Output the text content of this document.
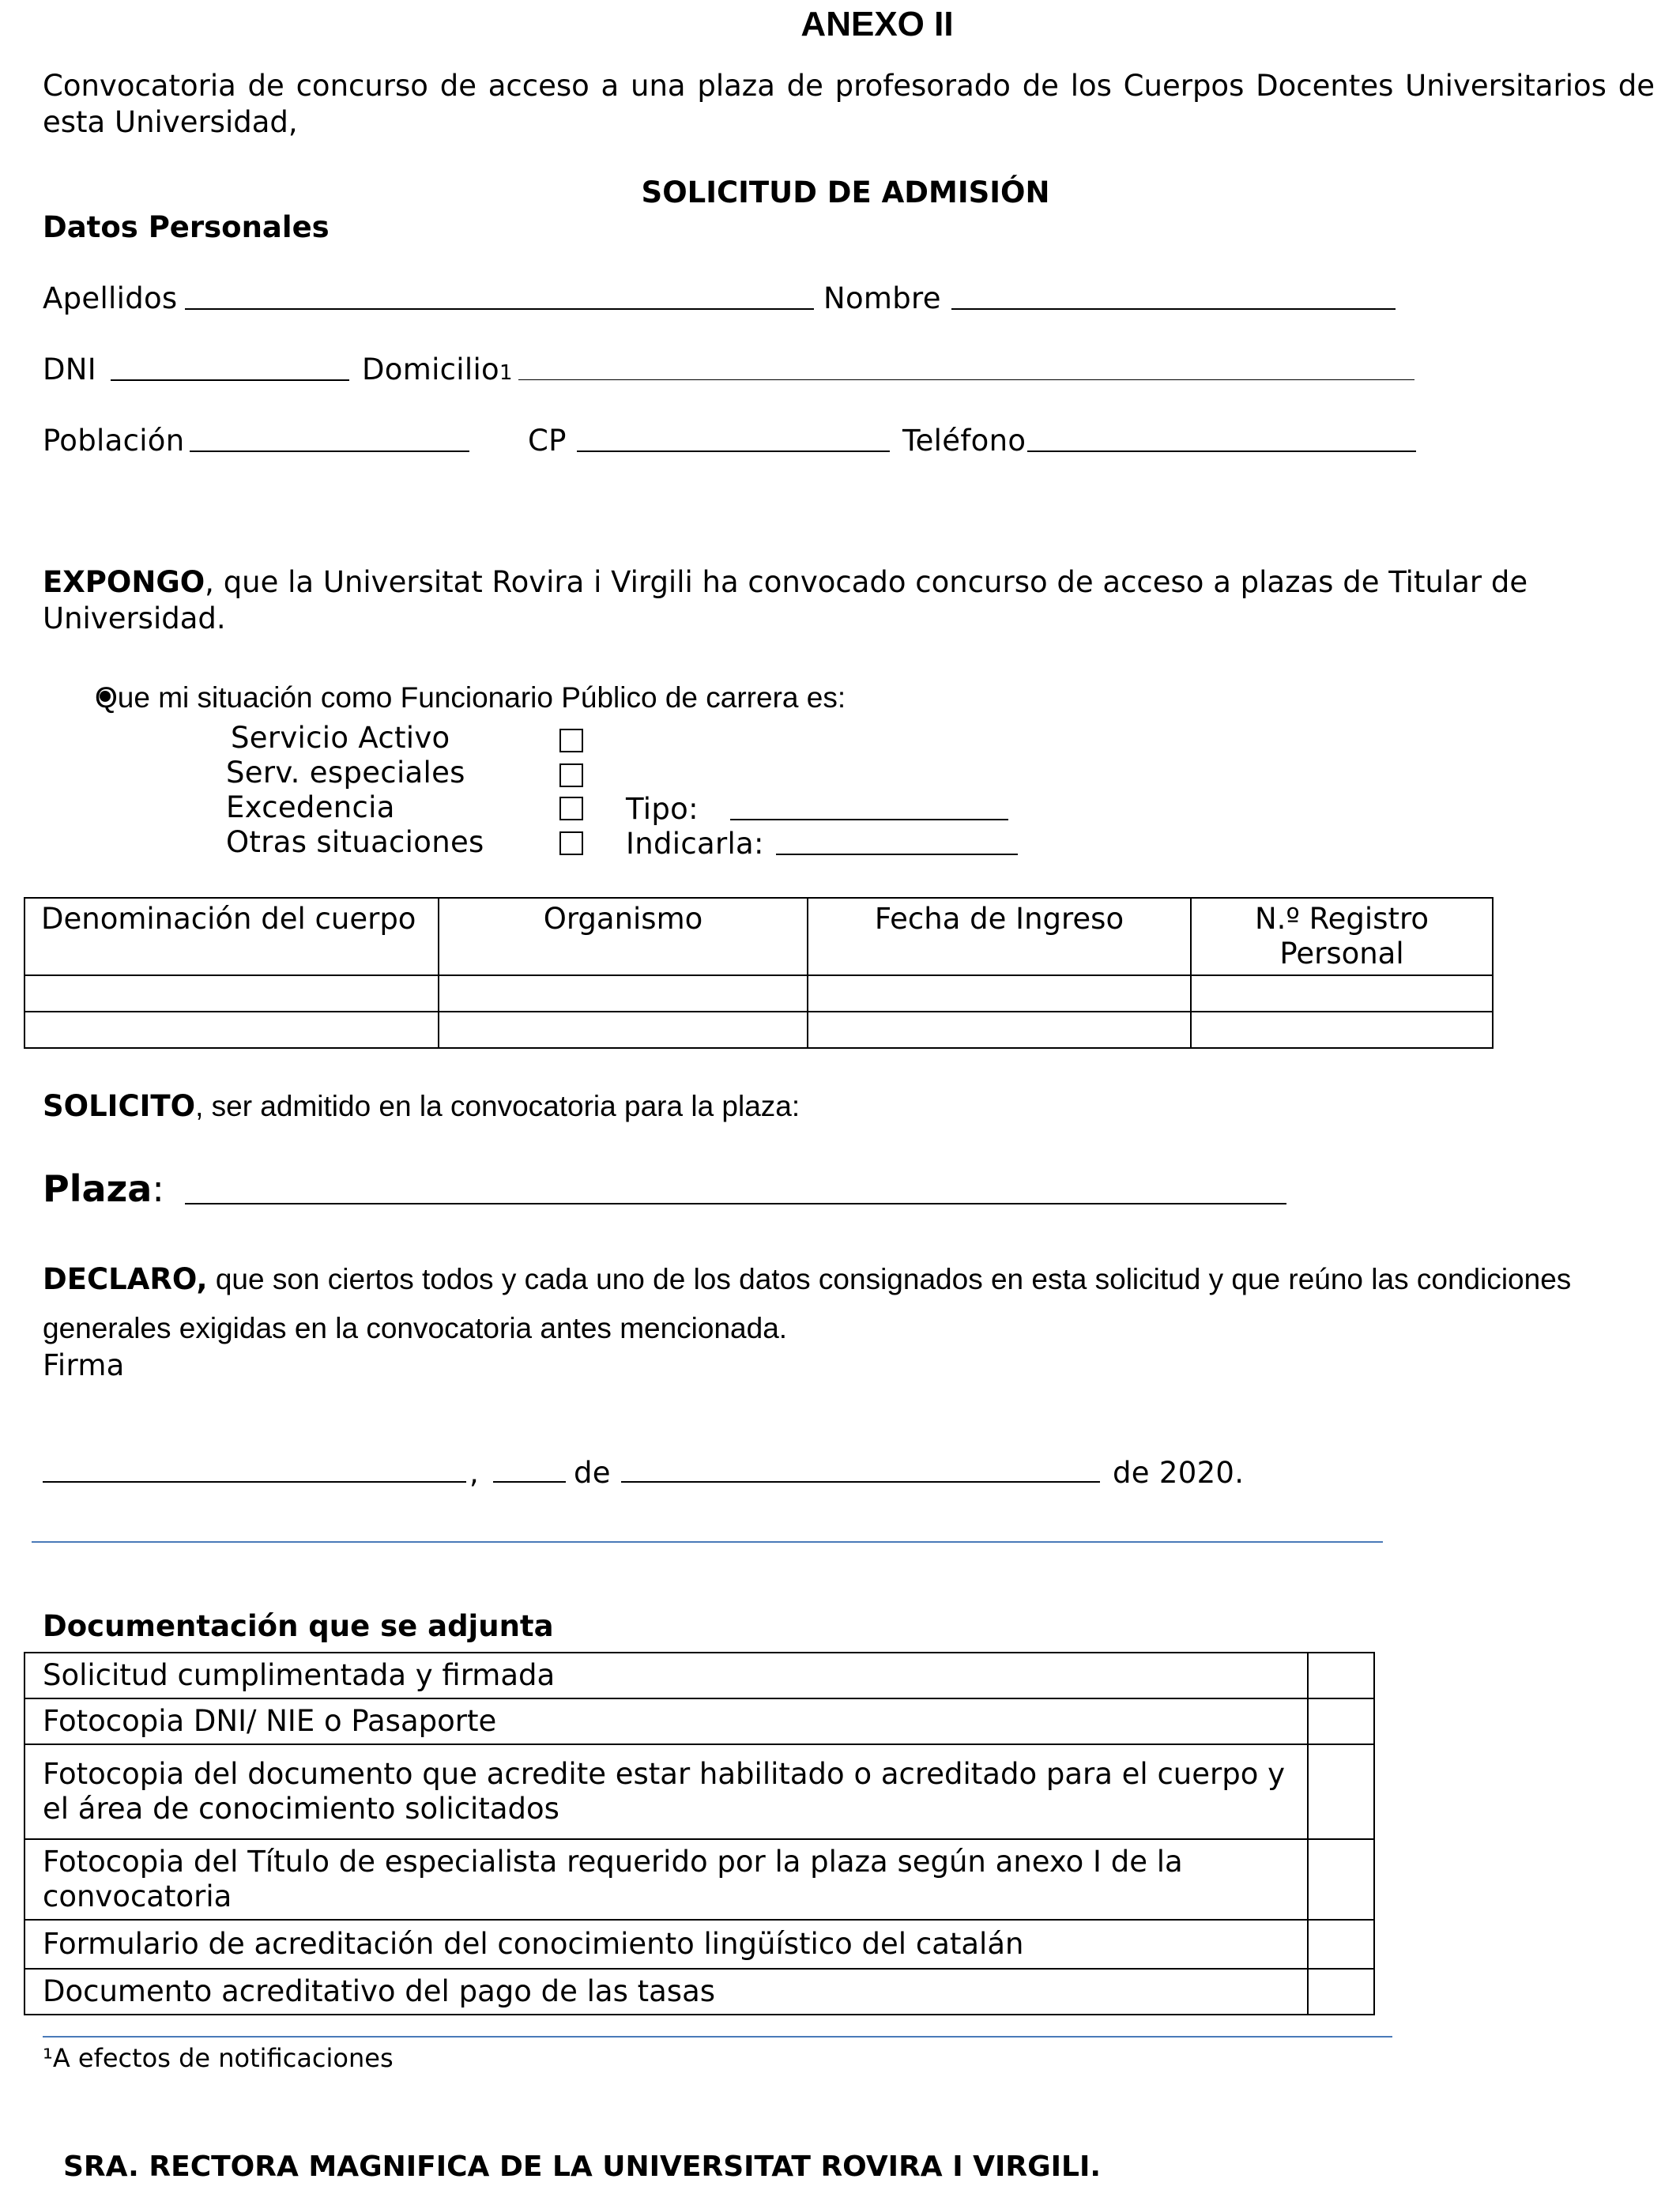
ANEXO II
Convocatoria de concurso de acceso a una plaza de profesorado de los Cuerpos Docentes Universitarios de esta Universidad,
SOLICITUD DE ADMISIÓN
Datos Personales
Apellidos	Nombre
DNI	Domicilio1
Población	CP	Teléfono
EXPONGO, que la Universitat Rovira i Virgili ha convocado concurso de acceso a plazas de Titular de Universidad.
Que mi situación como Funcionario Público de carrera es:
Servicio Activo
Serv. especiales
Excedencia	Tipo:
Otras situaciones	Indicarla:
Denominación del cuerpo	Organismo	Fecha de Ingreso	N.º Registro Personal

SOLICITO, ser admitido en la convocatoria para la plaza:
Plaza:
DECLARO, que son ciertos todos y cada uno de los datos consignados en esta solicitud y que reúno las condiciones generales exigidas en la convocatoria antes mencionada.
Firma
,	de	de 2020.
Documentación que se adjunta
Solicitud cumplimentada y firmada	
Fotocopia DNI/ NIE o Pasaporte	
Fotocopia del documento que acredite estar habilitado o acreditado para el cuerpo y el área de conocimiento solicitados	
Fotocopia del Título de especialista requerido por la plaza según anexo I de la convocatoria	
Formulario de acreditación del conocimiento lingüístico del catalán	
Documento acreditativo del pago de las tasas	
¹A efectos de notificaciones
SRA. RECTORA MAGNIFICA DE LA UNIVERSITAT ROVIRA I VIRGILI.
